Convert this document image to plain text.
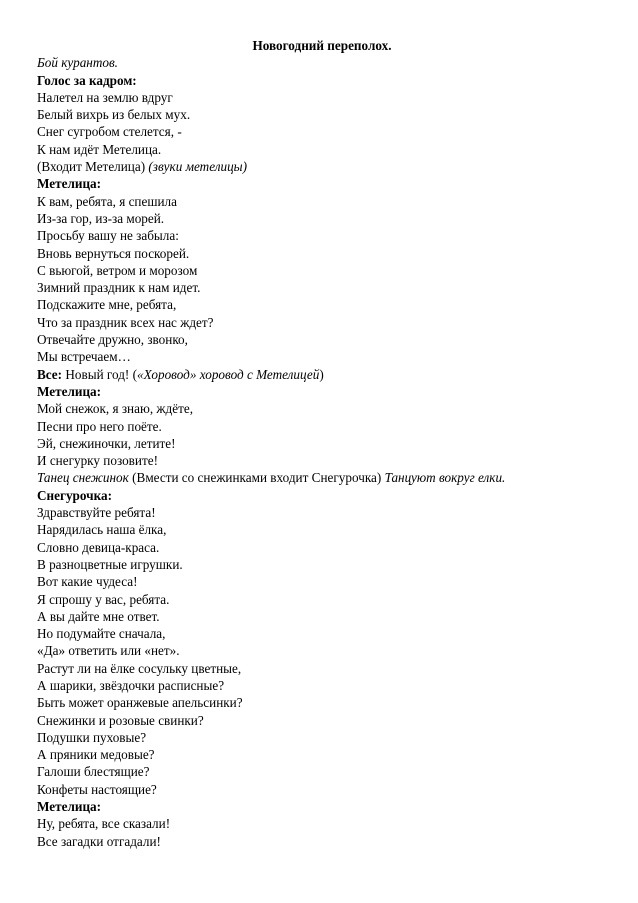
Новогодний переполох.
Бой курантов.
Голос за кадром:
Налетел на землю вдруг
Белый вихрь из белых мух.
Снег сугробом стелется, -
К нам идёт Метелица.
(Входит Метелица) (звуки метелицы)
Метелица:
К вам, ребята, я спешила
Из-за гор, из-за морей.
Просьбу вашу не забыла:
Вновь вернуться поскорей.
С вьюгой, ветром и морозом
Зимний праздник к нам идет.
Подскажите мне, ребята,
Что за праздник всех нас ждет?
Отвечайте дружно, звонко,
Мы встречаем…
Все: Новый год! («Хоровод» хоровод с Метелицей)
Метелица:
Мой снежок, я знаю, ждёте,
Песни про него поёте.
Эй, снежиночки, летите!
И снегурку позовите!
Танец снежинок (Вмести со снежинками входит Снегурочка) Танцуют вокруг елки.
Снегурочка:
Здравствуйте ребята!
Нарядилась наша ёлка,
Словно девица-краса.
В разноцветные игрушки.
Вот какие чудеса!
Я спрошу у вас, ребята.
А вы дайте мне ответ.
Но подумайте сначала,
«Да» ответить или «нет».
Растут ли на ёлке сосульку цветные,
А шарики, звёздочки расписные?
Быть может оранжевые апельсинки?
Снежинки и розовые свинки?
Подушки пуховые?
А пряники медовые?
Галоши блестящие?
Конфеты настоящие?
Метелица:
Ну, ребята, все сказали!
Все загадки отгадали!
